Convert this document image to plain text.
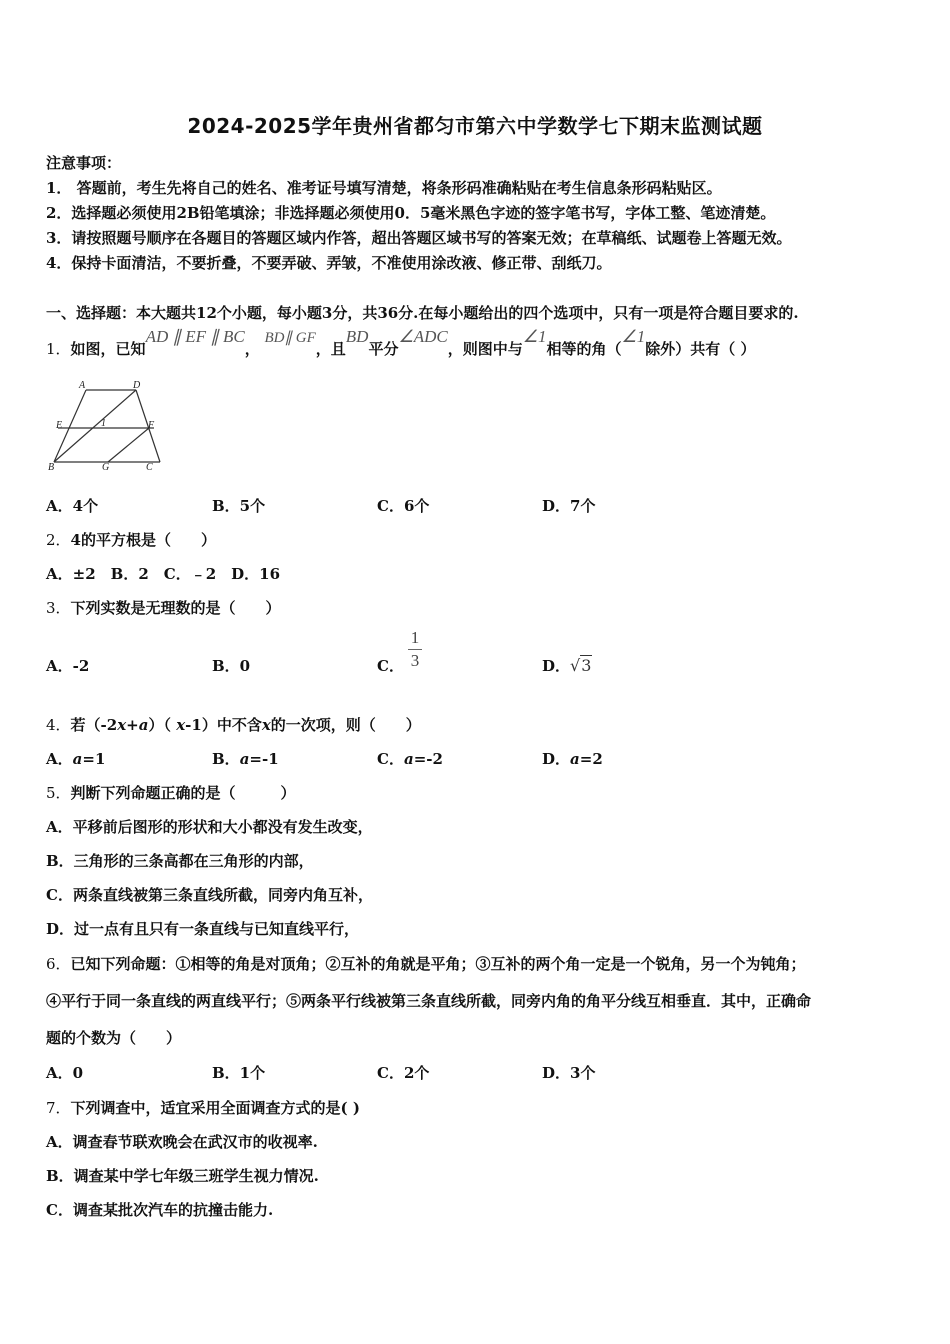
2024-2025学年贵州省都匀市第六中学数学七下期末监测试题
注意事项：
1． 答题前，考生先将自己的姓名、准考证号填写清楚，将条形码准确粘贴在考生信息条形码粘贴区。
2．选择题必须使用2B铅笔填涂；非选择题必须使用0．5毫米黑色字迹的签字笔书写，字体工整、笔迹清楚。
3．请按照题号顺序在各题目的答题区域内作答，超出答题区域书写的答案无效；在草稿纸、试题卷上答题无效。
4．保持卡面清洁，不要折叠，不要弄破、弄皱，不准使用涂改液、修正带、刮纸刀。
一、选择题：本大题共12个小题，每小题3分，共36分.在每小题给出的四个选项中，只有一项是符合题目要求的.
1．如图，已知AD ∥ EF ∥ BC， BD∥ GF，且BD平分∠ADC，则图中与∠1相等的角（∠1除外）共有（ ）
A	D
E	F
1
B	G	C
A．4个	B．5个	C．6个	D．7个
2．4的平方根是（　　）
A．±2　B．2　C．﹣2　D．16
3．下列实数是无理数的是（　　）
A．-2	B．0	C． $\frac{1}{3}$	D．√3
4．若（-2x+a）（ x-1）中不含x的一次项，则（　　）
A．a=1	B．a=-1	C．a=-2	D．a=2
5．判断下列命题正确的是（　　　）
A．平移前后图形的形状和大小都没有发生改变，
B．三角形的三条高都在三角形的内部，
C．两条直线被第三条直线所截，同旁内角互补，
D．过一点有且只有一条直线与已知直线平行，
6．已知下列命题：①相等的角是对顶角；②互补的角就是平角；③互补的两个角一定是一个锐角，另一个为钝角；
④平行于同一条直线的两直线平行；⑤两条平行线被第三条直线所截，同旁内角的角平分线互相垂直．其中，正确命
题的个数为（　　）
A．0	B．1个	C．2个	D．3个
7．下列调查中，适宜采用全面调查方式的是( )
A．调查春节联欢晚会在武汉市的收视率.
B．调查某中学七年级三班学生视力情况.
C．调查某批次汽车的抗撞击能力.
